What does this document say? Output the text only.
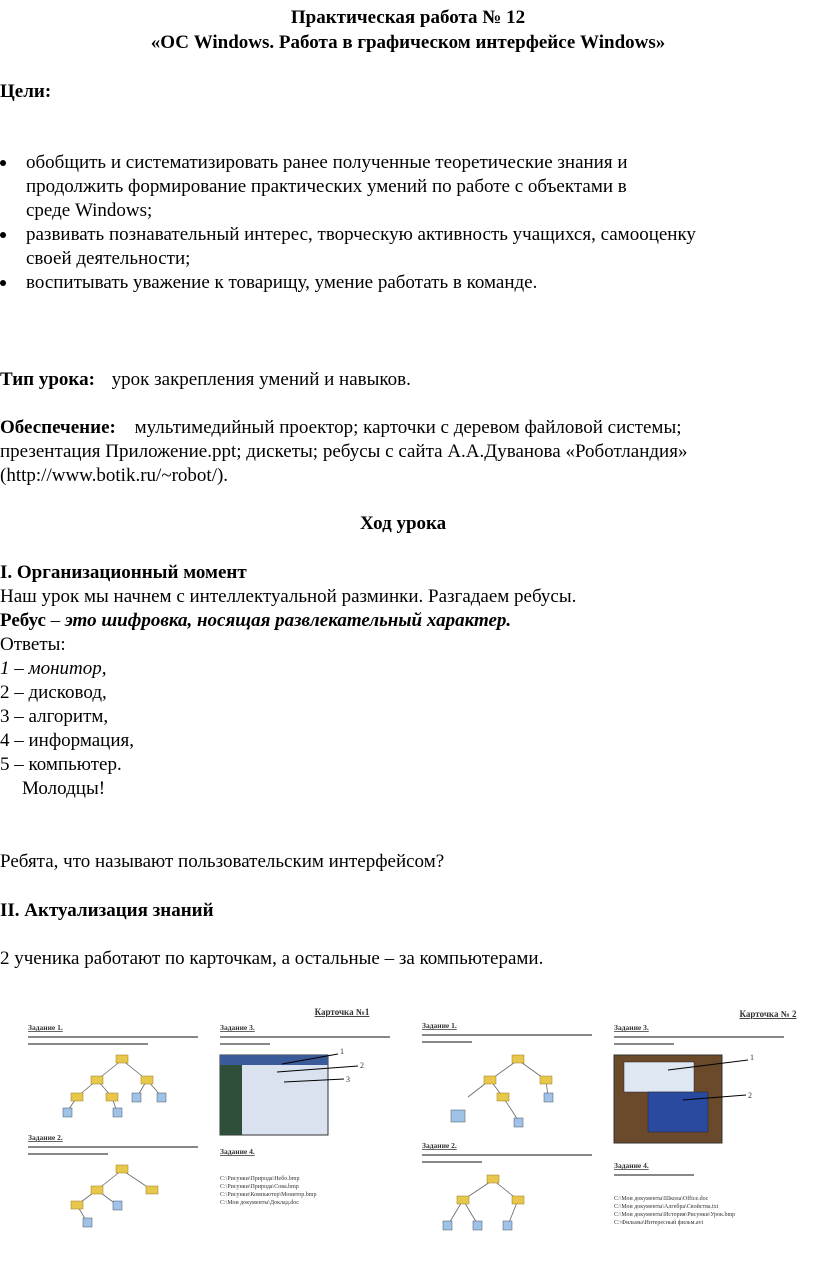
Практическая работа № 12
«ОС Windows. Работа в графическом интерфейсе Windows»
Цели:
обобщить и систематизировать ранее полученные теоретические знания и
продолжить формирование практических умений по работе с объектами в
среде Windows;
развивать познавательный интерес, творческую активность учащихся, самооценку
своей деятельности;
воспитывать уважение к товарищу, умение работать в команде.
Тип урока: урок закрепления умений и навыков.
Обеспечение: мультимедийный проектор; карточки с деревом файловой системы;
презентация Приложение.ppt; дискеты; ребусы с сайта А.А.Дуванова «Роботландия»
(http://www.botik.ru/~robot/).
Ход урока
I. Организационный момент
Наш урок мы начнем с интеллектуальной разминки. Разгадаем ребусы.
Ребус – это шифровка, носящая развлекательный характер.
Ответы:
1 – монитор,
2 – дисковод,
3 – алгоритм,
4 – информация,
5 – компьютер.
Молодцы!
Ребята, что называют пользовательским интерфейсом?
II. Актуализация знаний
2 ученика работают по карточкам, а остальные – за компьютерами.
Карточка №1
Задание 1.
Задание 2.
Задание 3.
1
2
3
Задание 4.
C:\Рисунки\Природа\Небо.bmp
C:\Рисунки\Природа\Сова.bmp
C:\Рисунки\Компьютер\Монитор.bmp
C:\Мои документы\Доклад.doc
Карточка № 2
Задание 1.
Задание 2.
Задание 3.
1
2
Задание 4.
C:\Мои документы\Школа\Office.doc
C:\Мои документы\Алгебра\Свойства.txt
C:\Мои документы\История\Рисунки\Урок.bmp
C:\Фильмы\Интересный фильм.avi
